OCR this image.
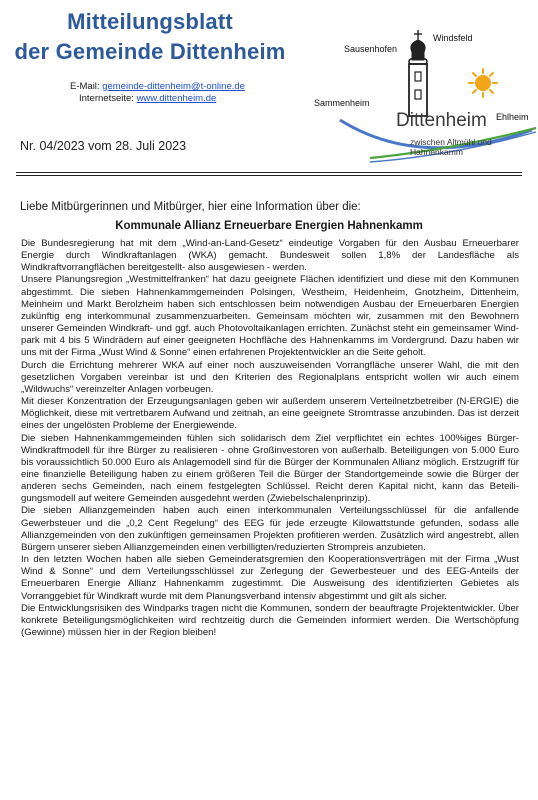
Mitteilungsblatt
der Gemeinde Dittenheim
E-Mail: gemeinde-dittenheim@t-online.de
Internetseite: www.dittenheim.de
Nr. 04/2023 vom 28. Juli 2023
Sausenhofen
Windsfeld
Sammenheim
Ehlheim
Dittenheim
zwischen Altmühl und Hahnenkamm
Liebe Mitbürgerinnen und Mitbürger, hier eine Information über die:
Kommunale Allianz Erneuerbare Energien Hahnenkamm

Die Bundesregierung hat mit dem „Wind-an-Land-Gesetz“ eindeutige Vorgaben für den Ausbau Erneuerbarer Energie durch Windkraftanlagen (WKA) gemacht. Bundesweit sollen 1,8% der Landesfläche als Windkraftvorrangflächen bereitgestellt- also ausgewiesen - werden.

Unsere Planungsregion „Westmittelfranken“ hat dazu geeignete Flächen identifiziert und diese mit den Kommunen abgestimmt. Die sieben Hahnenkammgemeinden Polsingen, Westheim, Heidenheim, Gnotzheim, Dittenheim, Meinheim und Markt Berolzheim haben sich entschlossen beim notwendigen Ausbau der Erneuerbaren Energien zukünftig eng interkommunal zusammenzuarbeiten. Gemeinsam möchten wir, zusammen mit den Bewohnern unserer Gemeinden Windkraft- und ggf. auch Photovoltaikanlagen errichten. Zunächst steht ein gemeinsamer Windpark mit 4 bis 5 Windrädern auf einer geeigneten Hochfläche des Hahnenkamms im Vordergrund. Dazu haben wir uns mit der Firma „Wust Wind & Sonne“ einen erfahrenen Projektentwickler an die Seite geholt.

Durch die Errichtung mehrerer WKA auf einer noch auszuweisenden Vorrangfläche unserer Wahl, die mit den gesetzlichen Vorgaben vereinbar ist und den Kriterien des Regionalplans entspricht wollen wir auch einem „Wildwuchs“ vereinzelter Anlagen vorbeugen.

Mit dieser Konzentration der Erzeugungsanlagen geben wir außerdem unserem Verteilnetzbetreiber (N-ERGIE) die Möglichkeit, diese mit vertretbarem Aufwand und zeitnah, an eine geeignete Stromtrasse anzubinden. Das ist derzeit eines der ungelösten Probleme der Energiewende.

Die sieben Hahnenkammgemeinden fühlen sich solidarisch dem Ziel verpflichtet ein echtes 100%iges Bürger-Windkraftmodell für ihre Bürger zu realisieren - ohne Großinvestoren von außerhalb. Beteiligungen von 5.000 Euro bis voraussichtlich 50.000 Euro als Anlagemodell sind für die Bürger der Kommunalen Allianz möglich. Erstzugriff für eine finanzielle Beteiligung haben zu einem größeren Teil die Bürger der Standortgemeinde sowie die Bürger der anderen sechs Gemeinden, nach einem festgelegten Schlüssel. Reicht deren Kapital nicht, kann das Beteiligungsmodell auf weitere Gemeinden ausgedehnt werden (Zwiebelschalenprinzip).

Die sieben Allianzgemeinden haben auch einen interkommunalen Verteilungsschlüssel für die anfallende Gewerbsteuer und die „0,2 Cent Regelung“ des EEG für jede erzeugte Kilowattstunde gefunden, sodass alle Allianzgemeinden von den zukünftigen gemeinsamen Projekten profitieren werden. Zusätzlich wird angestrebt, allen Bürgern unserer sieben Allianzgemeinden einen verbilligten/reduzierten Strompreis anzubieten.

In den letzten Wochen haben alle sieben Gemeinderatsgremien den Kooperationsverträgen mit der Firma „Wust Wind & Sonne“ und dem Verteilungsschlüssel zur Zerlegung der Gewerbesteuer und des EEG-Anteils der Erneuerbaren Energie Allianz Hahnenkamm zugestimmt. Die Ausweisung des identifizierten Gebietes als Vorranggebiet für Windkraft wurde mit dem Planungsverband intensiv abgestimmt und gilt als sicher.

Die Entwicklungsrisiken des Windparks tragen nicht die Kommunen, sondern der beauftragte Projektentwickler. Über konkrete Beteiligungsmöglichkeiten wird rechtzeitig durch die Gemeinden informiert werden. Die Wertschöpfung (Gewinne) müssen hier in der Region bleiben!
